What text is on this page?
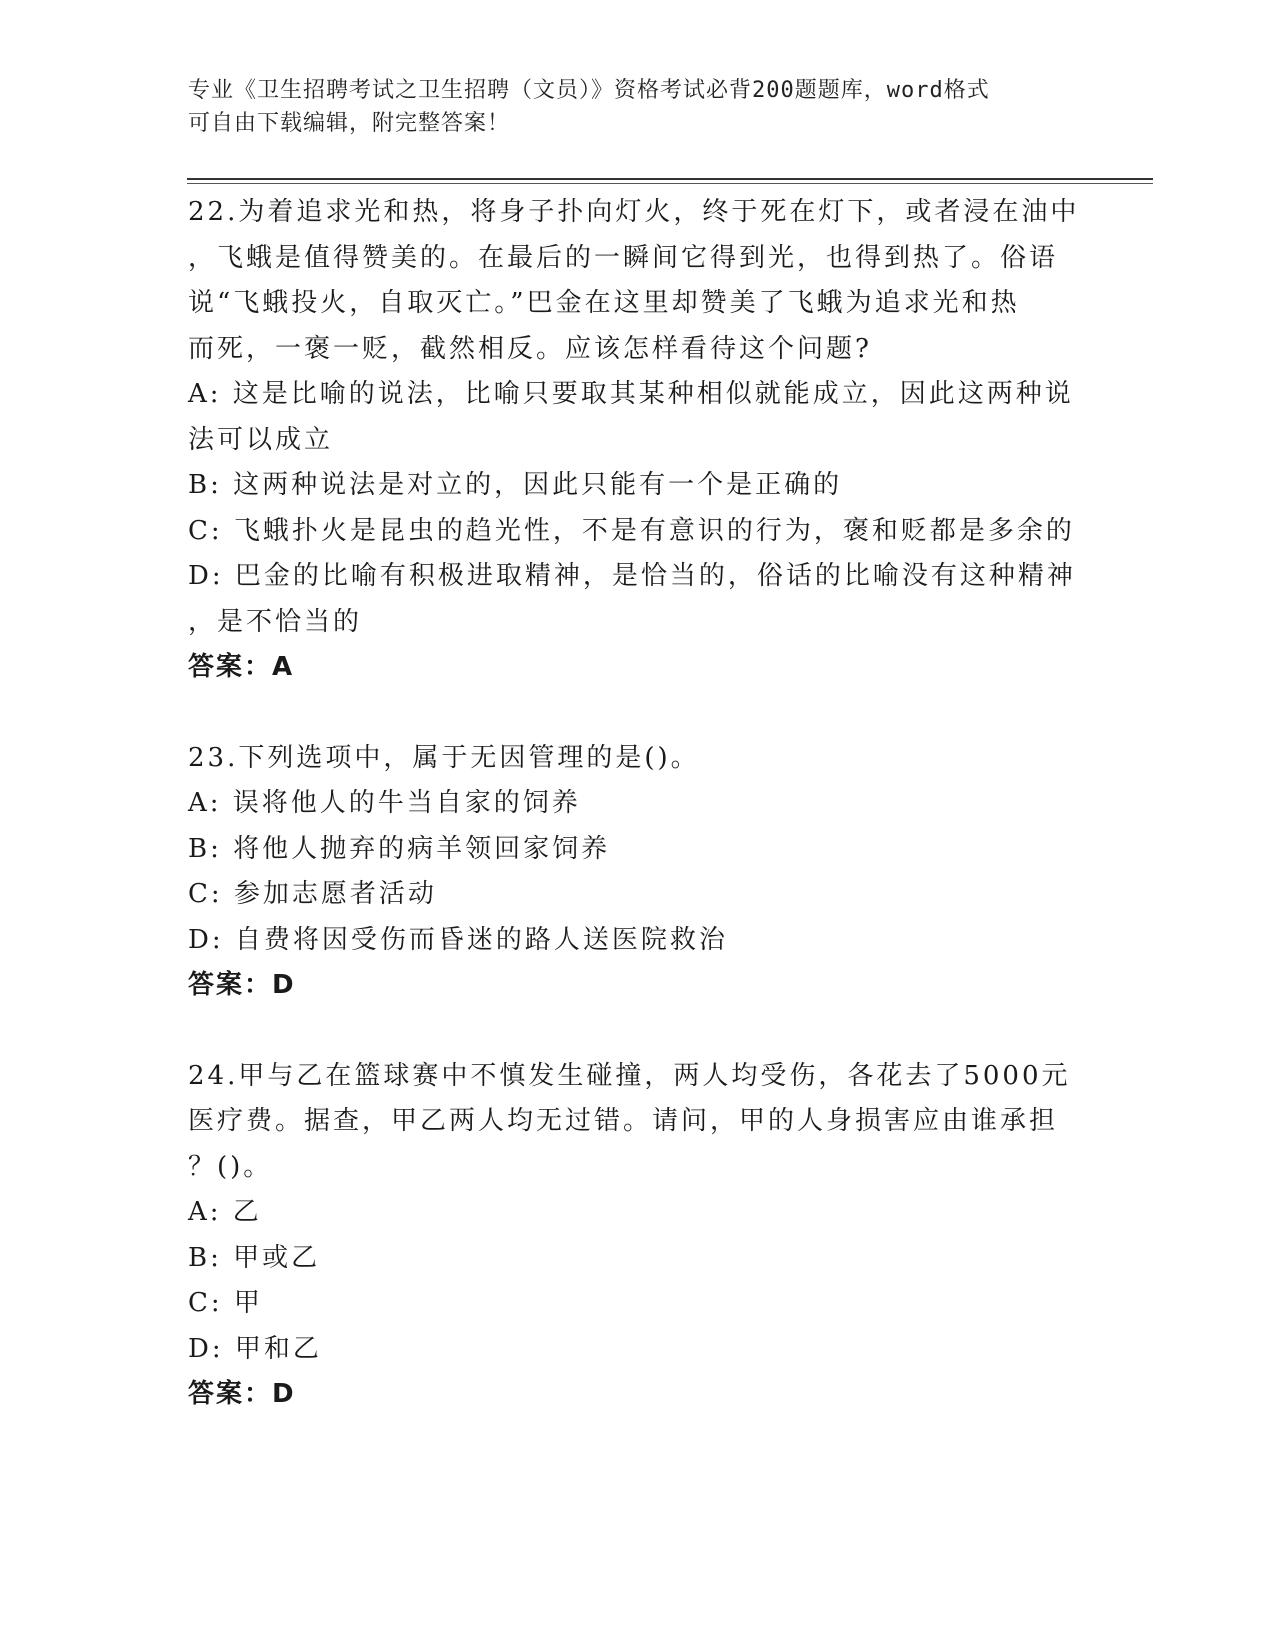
专业《卫生招聘考试之卫生招聘（文员）》资格考试必背200题题库，word格式
可自由下载编辑，附完整答案！
22.为着追求光和热，将身子扑向灯火，终于死在灯下，或者浸在油中
，飞蛾是值得赞美的。在最后的一瞬间它得到光，也得到热了。俗语
说“飞蛾投火，自取灭亡。”巴金在这里却赞美了飞蛾为追求光和热
而死，一褒一贬，截然相反。应该怎样看待这个问题?
A: 这是比喻的说法，比喻只要取其某种相似就能成立，因此这两种说
法可以成立
B: 这两种说法是对立的，因此只能有一个是正确的
C: 飞蛾扑火是昆虫的趋光性，不是有意识的行为，褒和贬都是多余的
D: 巴金的比喻有积极进取精神，是恰当的，俗话的比喻没有这种精神
，是不恰当的
答案：A
23.下列选项中，属于无因管理的是()。
A: 误将他人的牛当自家的饲养
B: 将他人抛弃的病羊领回家饲养
C: 参加志愿者活动
D: 自费将因受伤而昏迷的路人送医院救治
答案：D
24.甲与乙在篮球赛中不慎发生碰撞，两人均受伤，各花去了5000元
医疗费。据查，甲乙两人均无过错。请问，甲的人身损害应由谁承担
？()。
A: 乙
B: 甲或乙
C: 甲
D: 甲和乙
答案：D
